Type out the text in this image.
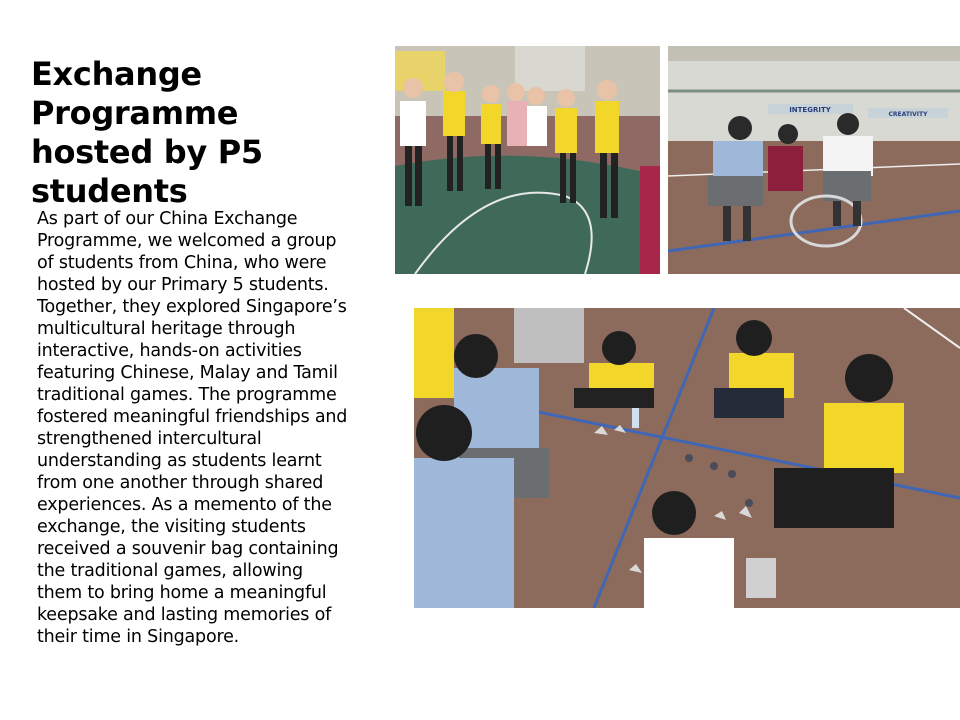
Exchange Programme
hosted by P5
students
As part of our China Exchange
Programme, we welcomed a group
of students from China, who were
hosted by our Primary 5 students.
Together, they explored Singapore’s
multicultural heritage through
interactive, hands-on activities
featuring Chinese, Malay and Tamil
traditional games. The programme
fostered meaningful friendships and
strengthened intercultural
understanding as students learnt
from one another through shared
experiences. As a memento of the
exchange, the visiting students
received a souvenir bag containing
the traditional games, allowing
them to bring home a meaningful
keepsake and lasting memories of
their time in Singapore.
INTEGRITY
CREATIVITY
